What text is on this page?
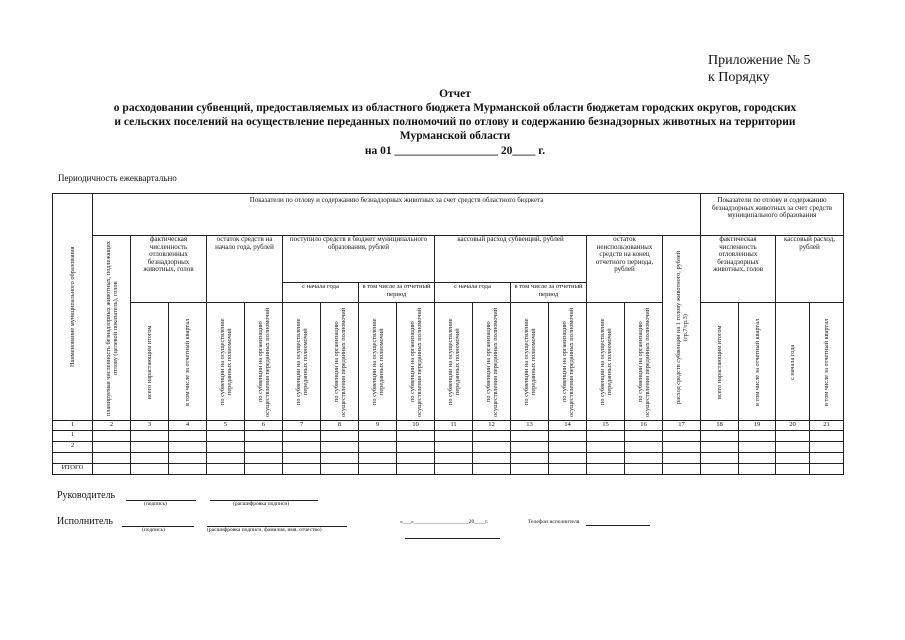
Приложение № 5
к Порядку
Отчет
о расходовании субвенций, предоставляемых из областного бюджета Мурманской области бюджетам городских округов, городских
и сельских поселений на осуществление переданных полномочий по отлову и содержанию безнадзорных животных на территории
Мурманской области
на 01 __________________ 20____ г.
Периодичность ежеквартально
Наименование муниципального образования	Показатели по отлову и содержанию безнадзорных животных за счет средств областного бюджета																Показатели по отлову и содержанию безнадзорных животных за счет средств муниципального образования			

	планируемая численность безнадзорных животных, подлежащих отлову (целевой показатель), голов	фактическая численность отловленных безнадзорных животных, голов		остаток средств на начало года, рублей		поступило средств в бюджет муниципального образования, рублей				кассовый расход субвенций, рублей				остаток неиспользованных средств на конец отчетного периода, рублей		расход средств субвенции на 1 голову животного, рублей (гр.7/гр.3)	фактическая численность отловленных безнадзорных животных, голов		кассовый расход, рублей	
						с начала года		в том числе за отчетный период		с начала года		в том числе за отчетный период								

		всего нарастающим итогом	в том числе за отчетный квартал	по субвенции на осуществление переданных полномочий	по субвенции на организацию осуществления переданных полномочий	по субвенции на осуществление переданных полномочий	по субвенции на организацию осуществления переданных полномочий	по субвенции на осуществление переданных полномочий	по субвенции на организацию осуществления переданных полномочий	по субвенции на осуществление переданных полномочий	по субвенции на организацию осуществления переданных полномочий	по субвенции на осуществление переданных полномочий	по субвенции на организацию осуществления переданных полномочий	по субвенции на осуществление переданных полномочий	по субвенции на организацию осуществления переданных полномочий		всего нарастающим итогом	в том числе за отчетный квартал	с начала года	в том числе за отчетный квартал

1	2	3	4	5	6	7	8	9	10	11	12	13	14	15	16	17	18	19	20	21
1																				
2																				

ИТОГО																				
Руководитель
(подпись)	(расшифровка подписи)
Исполнитель
(подпись)	(расшифровка подписи, фамилия, имя, отчество)
«___»____________________20____г.	Телефон исполнителя
